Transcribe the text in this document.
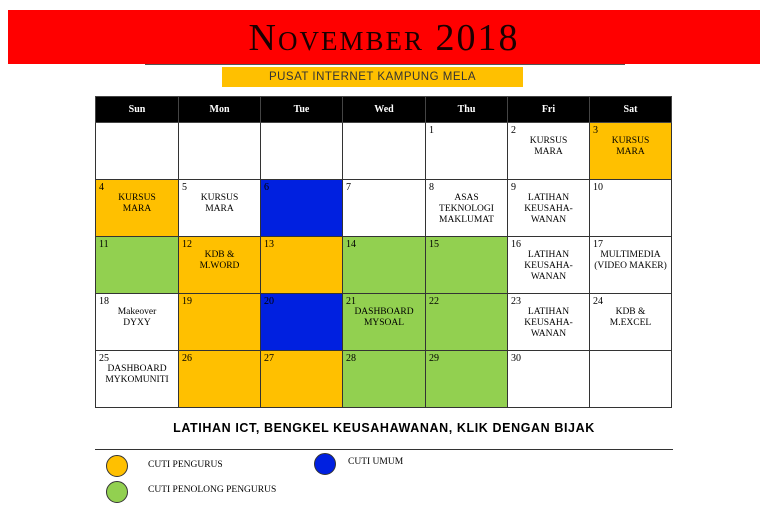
November 2018
PUSAT INTERNET KAMPUNG MELA
Sun	Mon	Tue	Wed	Thu	Fri	Sat

				1	2
KURSUS
MARA	3
KURSUS
MARA

4
KURSUS
MARA	5
KURSUS
MARA	6	7	8
ASAS
TEKNOLOGI
MAKLUMAT	9
LATIHAN
KEUSAHA-
WANAN	10

11	12
KDB &
M.WORD	13	14	15	16
LATIHAN
KEUSAHA-
WANAN	17
MULTIMEDIA
(VIDEO MAKER)

18
Makeover
DYXY	19	20	21
DASHBOARD
MYSOAL	22	23
LATIHAN
KEUSAHA-
WANAN	24
KDB &
M.EXCEL

25
DASHBOARD
MYKOMUNITI	26	27	28	29	30	

LATIHAN ICT, BENGKEL KEUSAHAWANAN, KLIK DENGAN BIJAK
CUTI PENGURUS	CUTI UMUM
CUTI PENOLONG PENGURUS
